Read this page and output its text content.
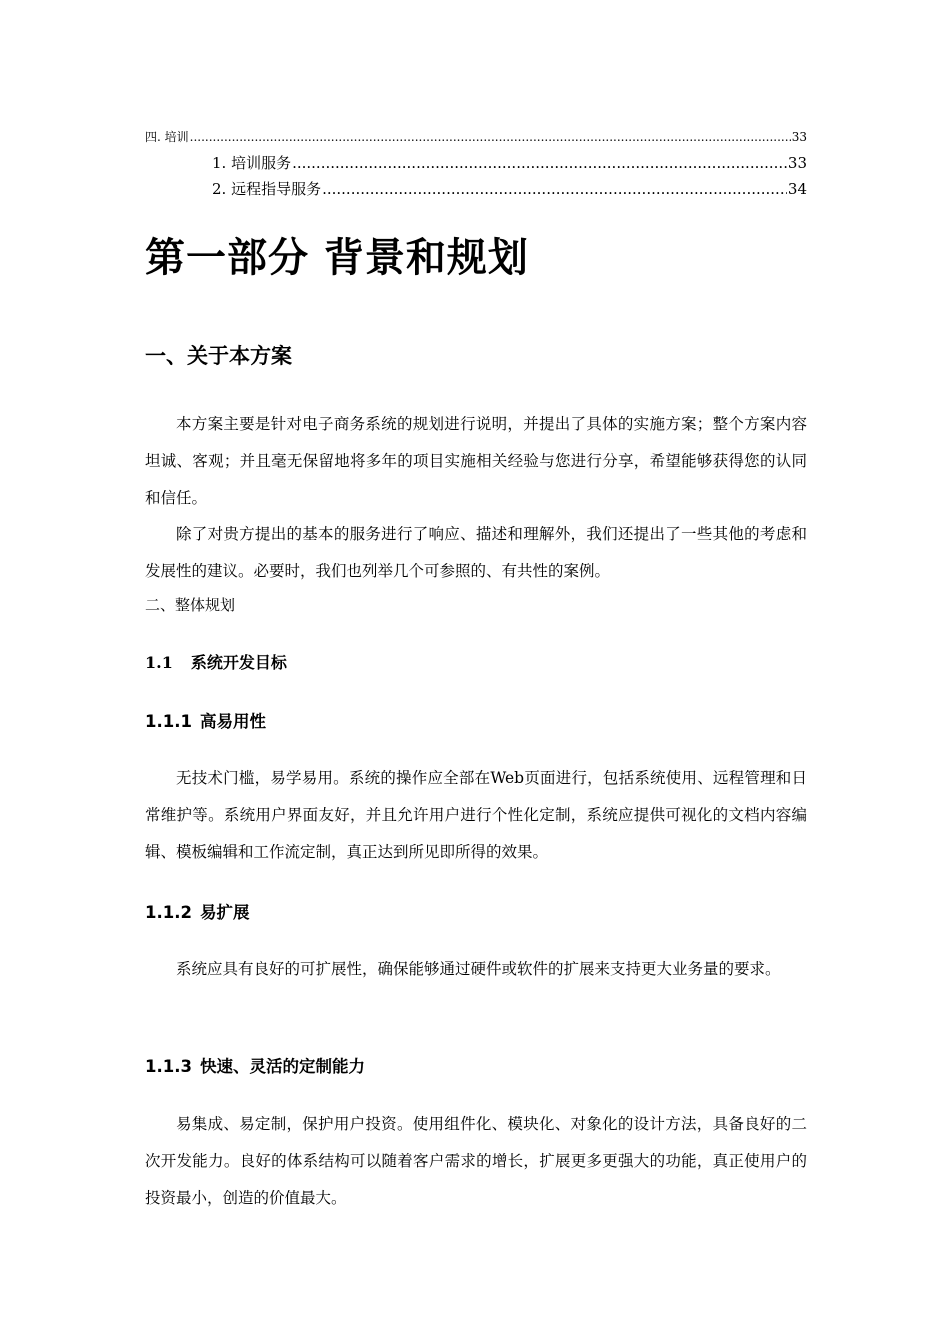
四. 培训 .....	33
1. 培训服务 .....	33
2. 远程指导服务 .....	34
第一部分 背景和规划
一、关于本方案

本方案主要是针对电子商务系统的规划进行说明，并提出了具体的实施方案；整个方案内容坦诚、客观；并且毫无保留地将多年的项目实施相关经验与您进行分享，希望能够获得您的认同和信任。

除了对贵方提出的基本的服务进行了响应、描述和理解外，我们还提出了一些其他的考虑和发展性的建议。必要时，我们也列举几个可参照的、有共性的案例。

二、整体规划
1.1 系统开发目标
1.1.1 高易用性

无技术门槛，易学易用。系统的操作应全部在Web页面进行，包括系统使用、远程管理和日常维护等。系统用户界面友好，并且允许用户进行个性化定制，系统应提供可视化的文档内容编辑、模板编辑和工作流定制，真正达到所见即所得的效果。

1.1.2 易扩展

系统应具有良好的可扩展性，确保能够通过硬件或软件的扩展来支持更大业务量的要求。

1.1.3 快速、灵活的定制能力

易集成、易定制，保护用户投资。使用组件化、模块化、对象化的设计方法，具备良好的二次开发能力。良好的体系结构可以随着客户需求的增长，扩展更多更强大的功能，真正使用户的投资最小，创造的价值最大。
